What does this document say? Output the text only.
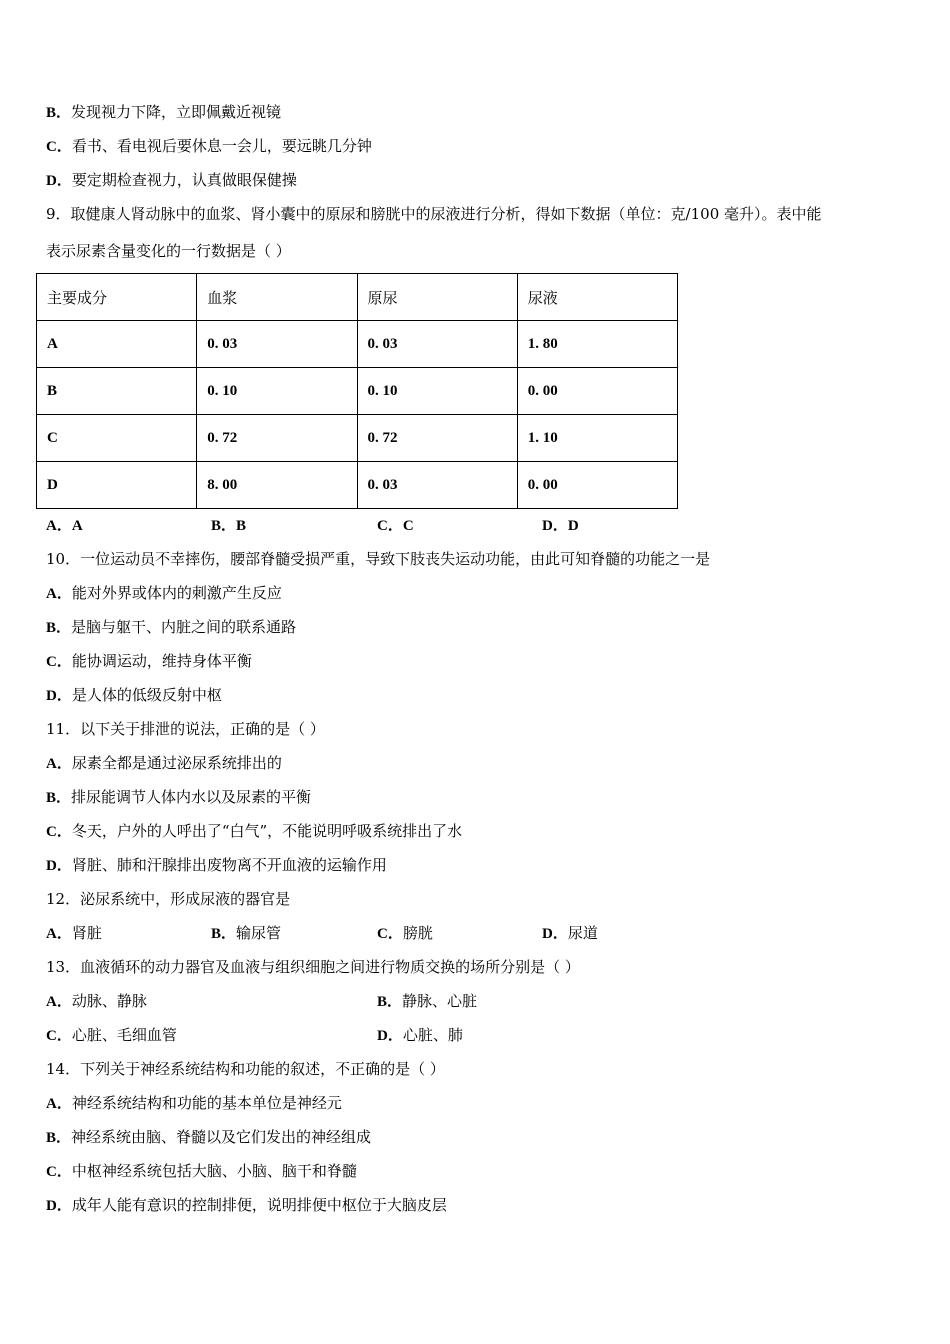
B．发现视力下降，立即佩戴近视镜
C．看书、看电视后要休息一会儿，要远眺几分钟
D．要定期检查视力，认真做眼保健操
9．取健康人肾动脉中的血浆、肾小囊中的原尿和膀胱中的尿液进行分析，得如下数据（单位：克/100 毫升）。表中能
表示尿素含量变化的一行数据是（ ）
主要成分	血浆	原尿	尿液
A	0. 03	0. 03	1. 80
B	0. 10	0. 10	0. 00
C	0. 72	0. 72	1. 10
D	8. 00	0. 03	0. 00
A．A	B．B	C．C	D．D
10．一位运动员不幸摔伤，腰部脊髓受损严重，导致下肢丧失运动功能，由此可知脊髓的功能之一是
A．能对外界或体内的刺激产生反应
B．是脑与躯干、内脏之间的联系通路
C．能协调运动，维持身体平衡
D．是人体的低级反射中枢
11．以下关于排泄的说法，正确的是（ ）
A．尿素全都是通过泌尿系统排出的
B．排尿能调节人体内水以及尿素的平衡
C．冬天，户外的人呼出了“白气”，不能说明呼吸系统排出了水
D．肾脏、肺和汗腺排出废物离不开血液的运输作用
12．泌尿系统中，形成尿液的器官是
A．肾脏	B．输尿管	C．膀胱	D．尿道
13．血液循环的动力器官及血液与组织细胞之间进行物质交换的场所分别是（ ）
A．动脉、静脉	B．静脉、心脏
C．心脏、毛细血管	D．心脏、肺
14．下列关于神经系统结构和功能的叙述，不正确的是（ ）
A．神经系统结构和功能的基本单位是神经元
B．神经系统由脑、脊髓以及它们发出的神经组成
C．中枢神经系统包括大脑、小脑、脑干和脊髓
D．成年人能有意识的控制排便，说明排便中枢位于大脑皮层
